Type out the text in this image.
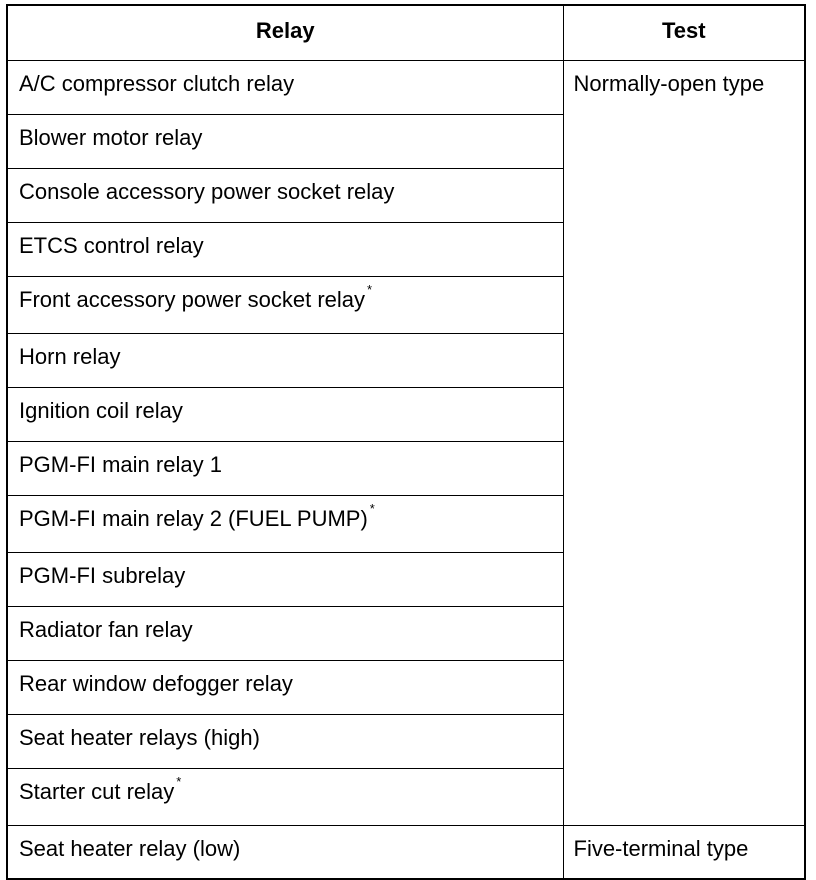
Relay	Test
A/C compressor clutch relay	Normally-open type
Blower motor relay	
Console accessory power socket relay	
ETCS control relay	
Front accessory power socket relay *
Horn relay	
Ignition coil relay	
PGM-FI main relay 1	
PGM-FI main relay 2 (FUEL PUMP) *
PGM-FI subrelay	
Radiator fan relay	
Rear window defogger relay	
Seat heater relays (high)	
Starter cut relay *
Seat heater relay (low)	Five-terminal type
